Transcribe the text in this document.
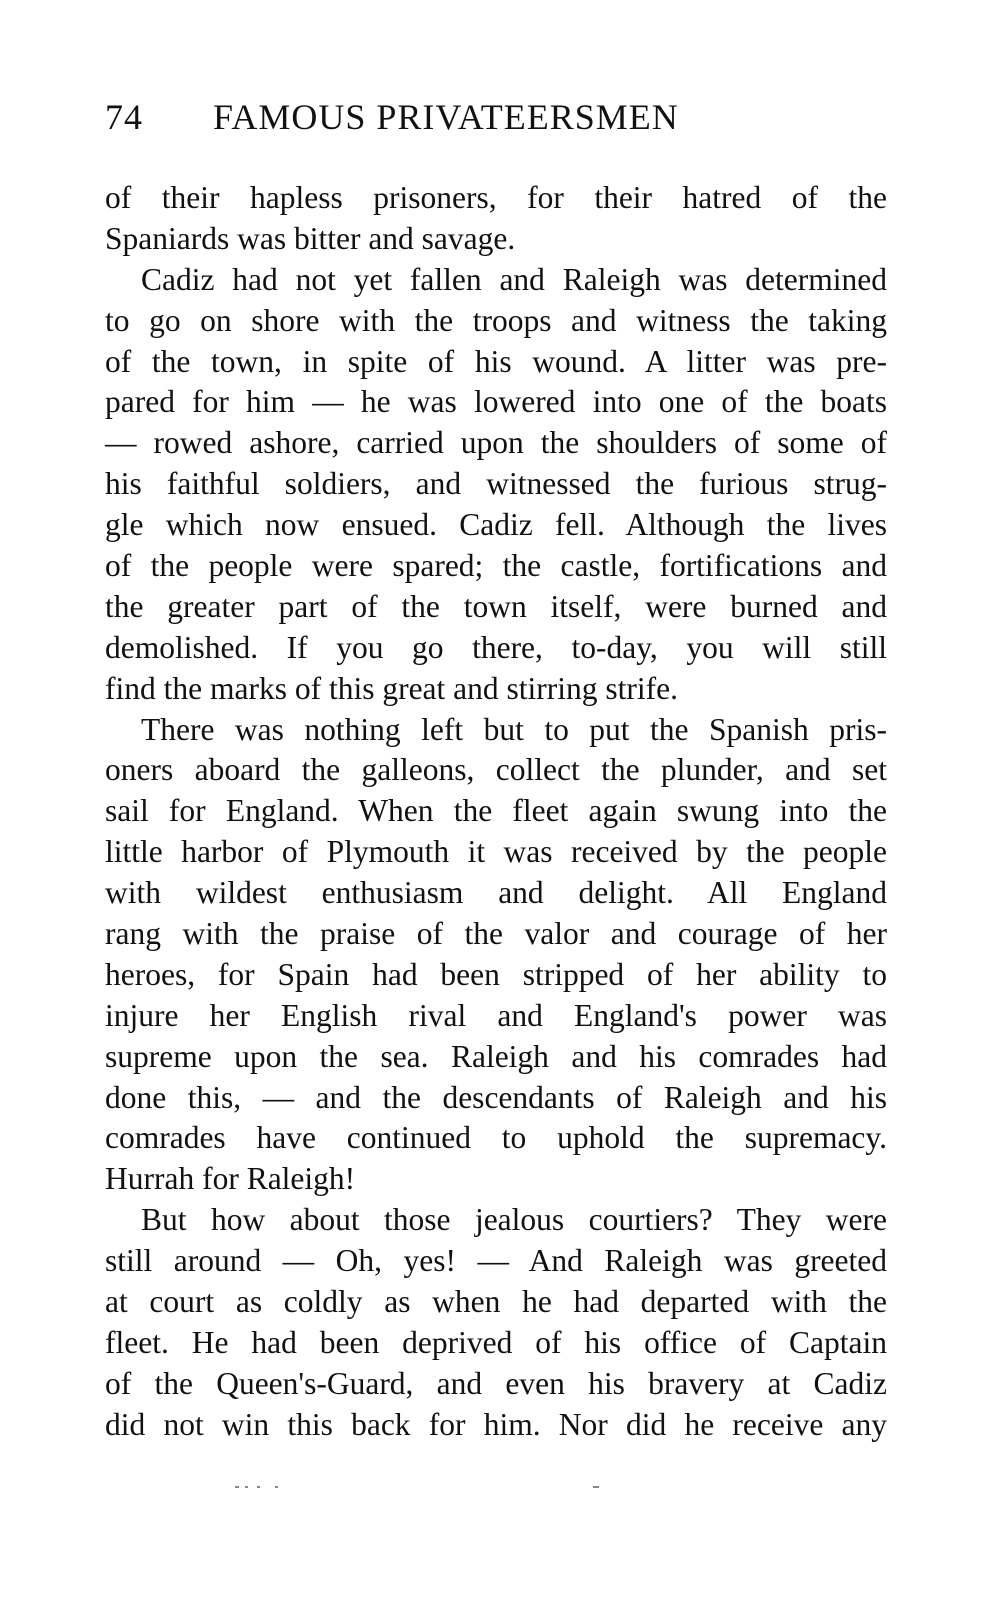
74 FAMOUS PRIVATEERSMEN

of their hapless prisoners, for their hatred of the
Spaniards was bitter and savage.

Cadiz had not yet fallen and Raleigh was determined
to go on shore with the troops and witness the taking
of the town, in spite of his wound. A litter was pre-
pared for him — he was lowered into one of the boats
— rowed ashore, carried upon the shoulders of some of
his faithful soldiers, and witnessed the furious strug-
gle which now ensued. Cadiz fell. Although the lives
of the people were spared; the castle, fortifications and
the greater part of the town itself, were burned and
demolished. If you go there, to-day, you will still
find the marks of this great and stirring strife.

There was nothing left but to put the Spanish pris-
oners aboard the galleons, collect the plunder, and set
sail for England. When the fleet again swung into the
little harbor of Plymouth it was received by the people
with wildest enthusiasm and delight. All England
rang with the praise of the valor and courage of her
heroes, for Spain had been stripped of her ability to
injure her English rival and England's power was
supreme upon the sea. Raleigh and his comrades had
done this, — and the descendants of Raleigh and his
comrades have continued to uphold the supremacy.
Hurrah for Raleigh!

But how about those jealous courtiers? They were
still around — Oh, yes! — And Raleigh was greeted
at court as coldly as when he had departed with the
fleet. He had been deprived of his office of Captain
of the Queen's-Guard, and even his bravery at Cadiz
did not win this back for him. Nor did he receive any
